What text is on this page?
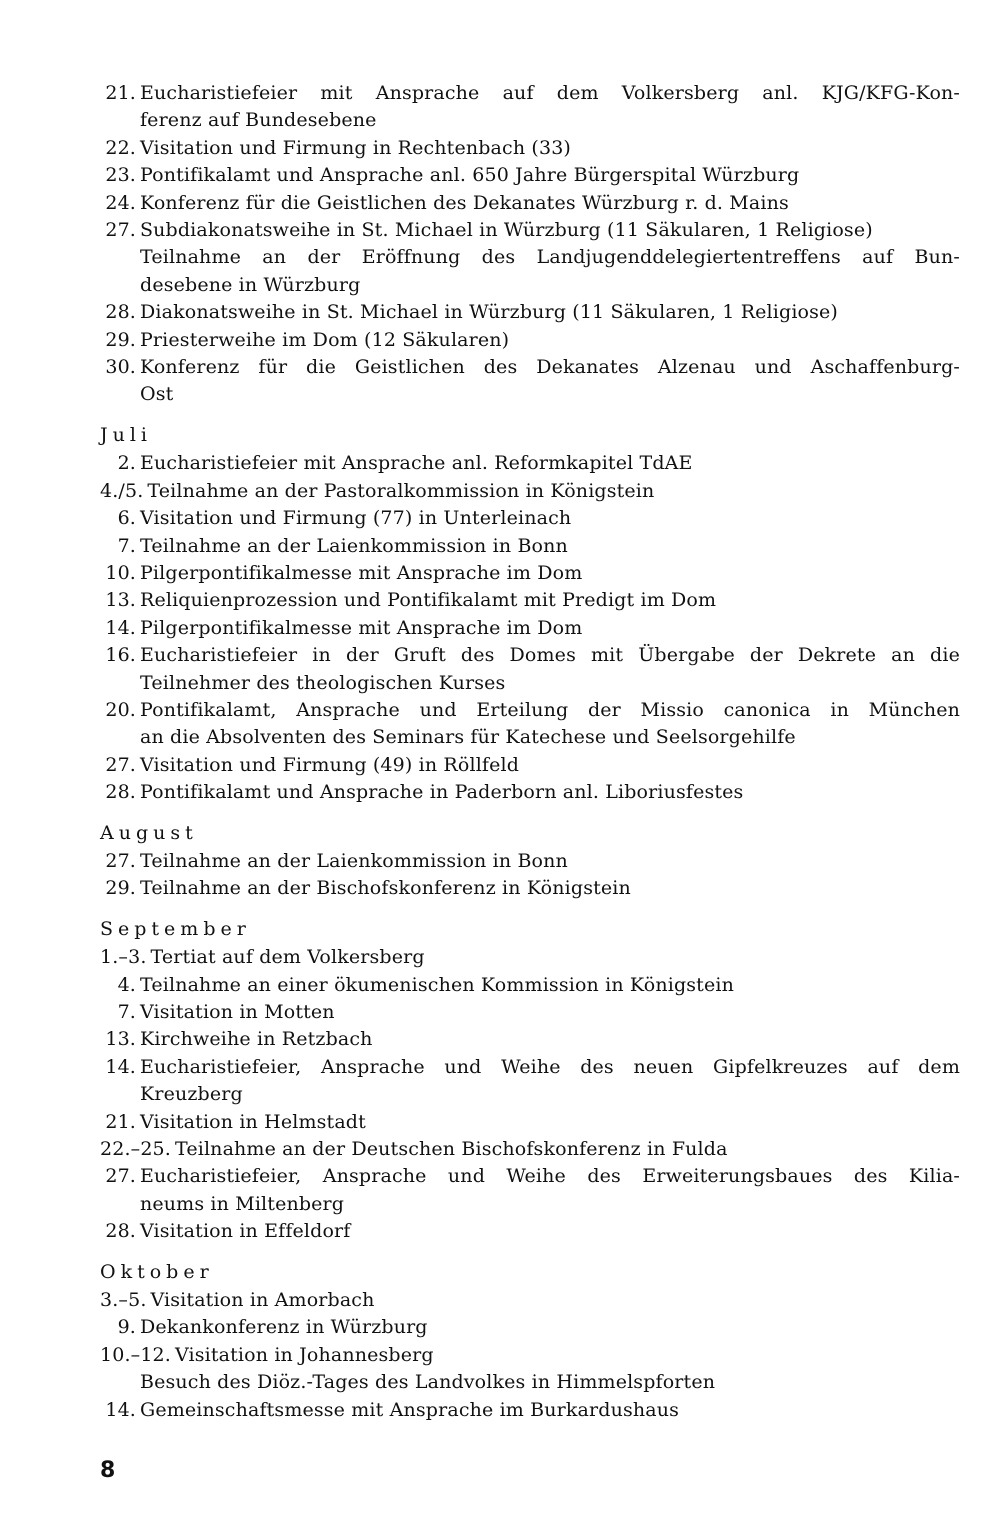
21. Eucharistiefeier mit Ansprache auf dem Volkersberg anl. KJG/KFG-Kon-
ferenz auf Bundesebene
22. Visitation und Firmung in Rechtenbach (33)
23. Pontifikalamt und Ansprache anl. 650 Jahre Bürgerspital Würzburg
24. Konferenz für die Geistlichen des Dekanates Würzburg r. d. Mains
27. Subdiakonatsweihe in St. Michael in Würzburg (11 Säkularen, 1 Religiose)
Teilnahme an der Eröffnung des Landjugenddelegiertentreffens auf Bun-
desebene in Würzburg
28. Diakonatsweihe in St. Michael in Würzburg (11 Säkularen, 1 Religiose)
29. Priesterweihe im Dom (12 Säkularen)
30. Konferenz für die Geistlichen des Dekanates Alzenau und Aschaffenburg-
Ost
Juli
2. Eucharistiefeier mit Ansprache anl. Reformkapitel TdAE
4./5. Teilnahme an der Pastoralkommission in Königstein
6. Visitation und Firmung (77) in Unterleinach
7. Teilnahme an der Laienkommission in Bonn
10. Pilgerpontifikalmesse mit Ansprache im Dom
13. Reliquienprozession und Pontifikalamt mit Predigt im Dom
14. Pilgerpontifikalmesse mit Ansprache im Dom
16. Eucharistiefeier in der Gruft des Domes mit Übergabe der Dekrete an die
Teilnehmer des theologischen Kurses
20. Pontifikalamt, Ansprache und Erteilung der Missio canonica in München
an die Absolventen des Seminars für Katechese und Seelsorgehilfe
27. Visitation und Firmung (49) in Röllfeld
28. Pontifikalamt und Ansprache in Paderborn anl. Liboriusfestes
August
27. Teilnahme an der Laienkommission in Bonn
29. Teilnahme an der Bischofskonferenz in Königstein
September
1.–3. Tertiat auf dem Volkersberg
4. Teilnahme an einer ökumenischen Kommission in Königstein
7. Visitation in Motten
13. Kirchweihe in Retzbach
14. Eucharistiefeier, Ansprache und Weihe des neuen Gipfelkreuzes auf dem
Kreuzberg
21. Visitation in Helmstadt
22.–25. Teilnahme an der Deutschen Bischofskonferenz in Fulda
27. Eucharistiefeier, Ansprache und Weihe des Erweiterungsbaues des Kilia-
neums in Miltenberg
28. Visitation in Effeldorf
Oktober
3.–5. Visitation in Amorbach
9. Dekankonferenz in Würzburg
10.–12. Visitation in Johannesberg
Besuch des Diöz.-Tages des Landvolkes in Himmelspforten
14. Gemeinschaftsmesse mit Ansprache im Burkardushaus
8
